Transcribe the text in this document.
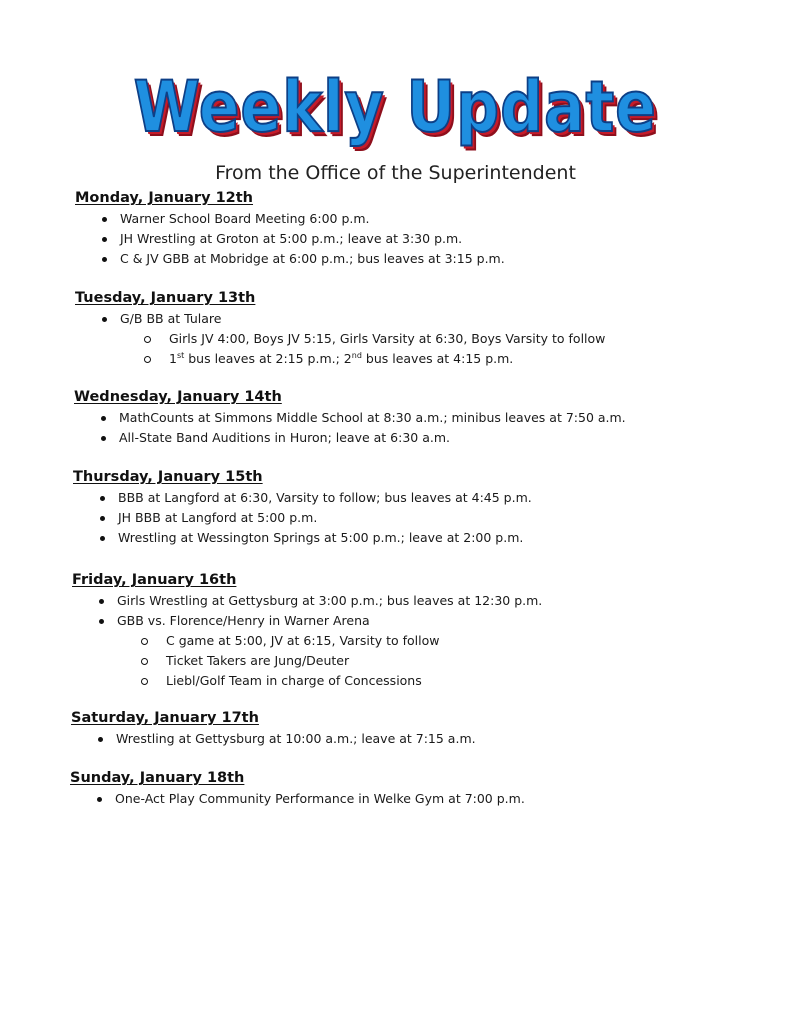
Weekly Update
From the Office of the Superintendent
Monday, January 12th
Warner School Board Meeting 6:00 p.m.
JH Wrestling at Groton at 5:00 p.m.; leave at 3:30 p.m.
C & JV GBB at Mobridge at 6:00 p.m.; bus leaves at 3:15 p.m.
Tuesday, January 13th
G/B BB at Tulare
Girls JV 4:00, Boys JV 5:15, Girls Varsity at 6:30, Boys Varsity to follow
1st bus leaves at 2:15 p.m.; 2nd bus leaves at 4:15 p.m.
Wednesday, January 14th
MathCounts at Simmons Middle School at 8:30 a.m.; minibus leaves at 7:50 a.m.
All-State Band Auditions in Huron; leave at 6:30 a.m.
Thursday, January 15th
BBB at Langford at 6:30, Varsity to follow; bus leaves at 4:45 p.m.
JH BBB at Langford at 5:00 p.m.
Wrestling at Wessington Springs at 5:00 p.m.; leave at 2:00 p.m.
Friday, January 16th
Girls Wrestling at Gettysburg at 3:00 p.m.; bus leaves at 12:30 p.m.
GBB vs. Florence/Henry in Warner Arena
C game at 5:00, JV at 6:15, Varsity to follow
Ticket Takers are Jung/Deuter
Liebl/Golf Team in charge of Concessions
Saturday, January 17th
Wrestling at Gettysburg at 10:00 a.m.; leave at 7:15 a.m.
Sunday, January 18th
One-Act Play Community Performance in Welke Gym at 7:00 p.m.
